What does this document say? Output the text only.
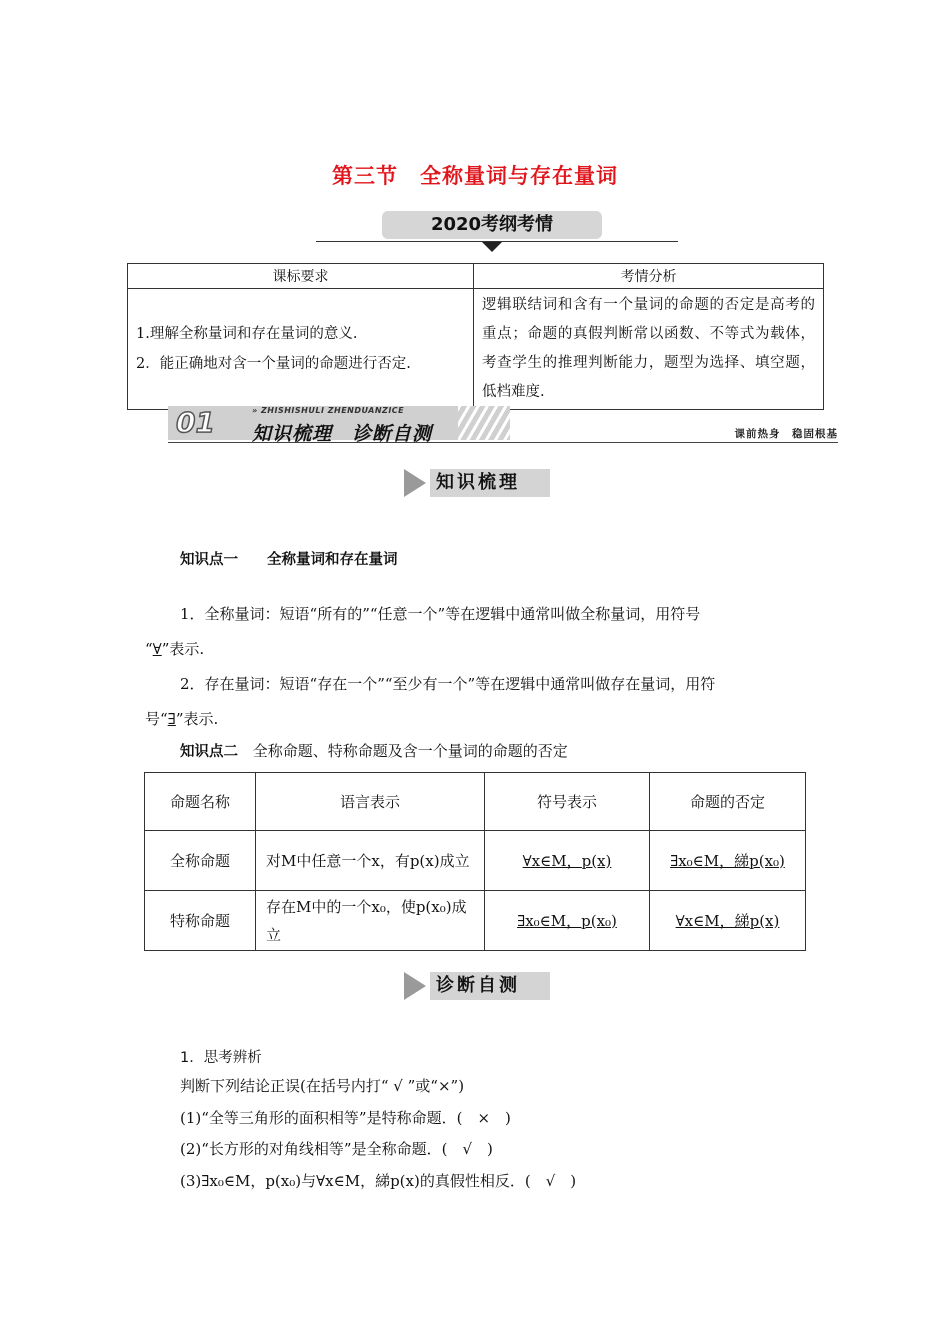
第三节　全称量词与存在量词
2020考纲考情
课标要求	考情分析

1.理解全称量词和存在量词的意义.
2．能正确地对含一个量词的命题进行否定.	逻辑联结词和含有一个量词的命题的否定是高考的重点；命题的真假判断常以函数、不等式为载体，考查学生的推理判断能力，题型为选择、填空题，低档难度.
01	» ZHISHISHULI ZHENDUANZICE
知识梳理　诊断自测	课前热身　稳固根基
知识梳理
知识点一　　全称量词和存在量词
1．全称量词：短语“所有的”“任意一个”等在逻辑中通常叫做全称量词，用符号
“∀”表示.
2．存在量词：短语“存在一个”“至少有一个”等在逻辑中通常叫做存在量词，用符
号“∃”表示.
知识点二 全称命题、特称命题及含一个量词的命题的否定
命题名称	语言表示	符号表示	命题的否定
全称命题	对M中任意一个x，有p(x)成立	∀x∈M，p(x)	∃x₀∈M，綈p(x₀)
特称命题	存在M中的一个x₀，使p(x₀)成立	∃x₀∈M，p(x₀)	∀x∈M，綈p(x)
诊断自测
1．思考辨析
判断下列结论正误(在括号内打“ √ ”或“×”)
(1)“全等三角形的面积相等”是特称命题．(　×　)
(2)“长方形的对角线相等”是全称命题．(　√　)
(3)∃x₀∈M，p(x₀)与∀x∈M，綈p(x)的真假性相反．(　√　)
